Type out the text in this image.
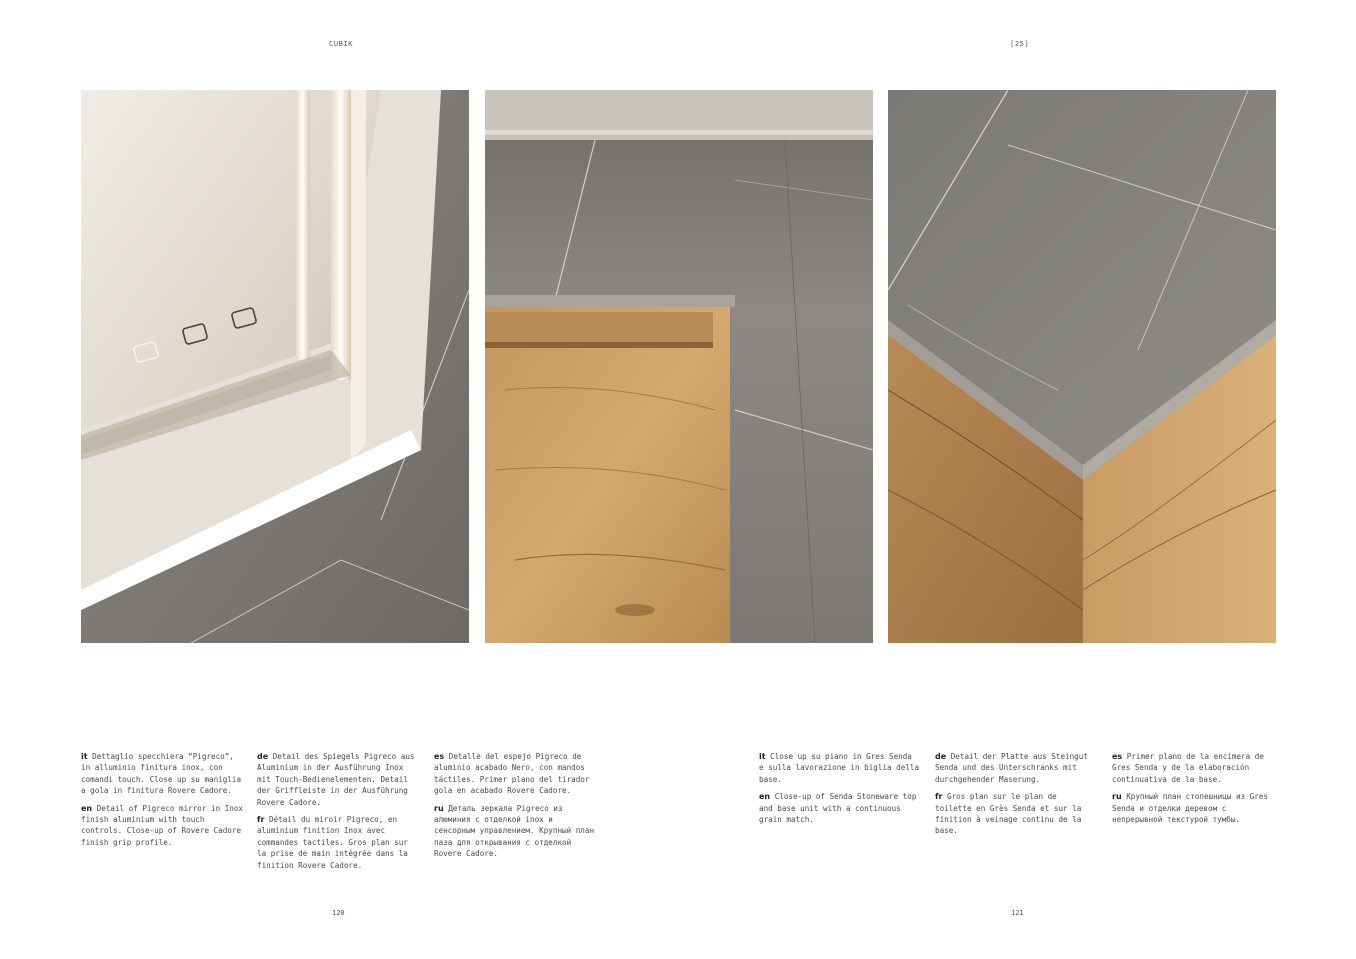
CUBIK	[25]

it Dettaglio specchiera “Pigreco”, in alluminio finitura inox, con comandi touch. Close up su maniglia a gola in finitura Rovere Cadore.

en Detail of Pigreco mirror in Inox finish aluminium with touch controls. Close-up of Rovere Cadore finish grip profile.

de Detail des Spiegels Pigreco aus Aluminium in der Ausführung Inox mit Touch-Bedienelementen. Detail der Griffleiste in der Ausführung Rovere Cadore.

fr Détail du miroir Pigreco, en aluminium finition Inox avec commandes tactiles. Gros plan sur la prise de main intégrée dans la finition Rovere Cadore.

es Detalle del espejo Pigreco de aluminio acabado Nero, con mandos táctiles. Primer plano del tirador gola en acabado Rovere Cadore.

ru Деталь зеркала Pigreco из алюминия с отделкой inox и сенсорным управлением. Крупный план паза для открывания с отделкой Rovere Cadore.

it Close up su piano in Gres Senda e sulla lavorazione in biglia della base.

en Close-up of Senda Stoneware top and base unit with a continuous grain match.

de Detail der Platte aus Steingut Senda und des Unterschranks mit durchgehender Maserung.

fr Gros plan sur le plan de toilette en Grès Senda et sur la finition à veinage continu de la base.

es Primer plano de la encimera de Gres Senda y de la elaboración continuativa de la base.

ru Крупный план столешницы из Gres Senda и отделки деревом с непрерывной текстурой тумбы.

120	121
